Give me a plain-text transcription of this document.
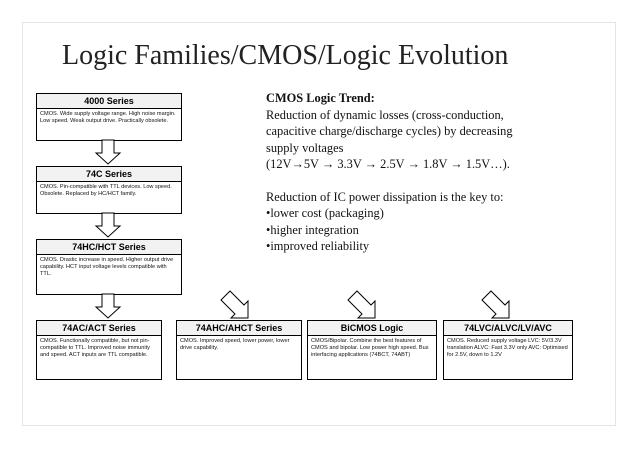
Logic Families/CMOS/Logic Evolution
4000 Series
CMOS. Wide supply voltage range. High noise margin. Low speed. Weak output drive. Practically obsolete.
74C Series
CMOS. Pin-compatible with TTL devices. Low speed. Obsolete. Replaced by HC/HCT family.
74HC/HCT Series
CMOS. Drastic increase in speed. Higher output drive capability. HCT input voltage levels compatible with TTL.
74AC/ACT Series
CMOS. Functionally compatible, but not pin-compatible to TTL. Improved noise immunity and speed. ACT inputs are TTL compatible.
74AHC/AHCT Series
CMOS. Improved speed, lower power, lower drive capability.
BiCMOS Logic
CMOS/Bipolar. Combine the best features of CMOS and bipolar. Low power high speed. Bus interfacing applications (74BCT, 74ABT)
74LVC/ALVC/LV/AVC
CMOS. Reduced supply voltage LVC: 5V/3.3V translation ALVC: Fast 3.3V only AVC: Optimised for 2.5V, down to 1.2V
CMOS Logic Trend:
Reduction of dynamic losses (cross-conduction,
capacitive charge/discharge cycles) by decreasing
supply voltages
(12V→5V → 3.3V → 2.5V → 1.8V → 1.5V…).
Reduction of IC power dissipation is the key to:
•lower cost (packaging)
•higher integration
•improved reliability
